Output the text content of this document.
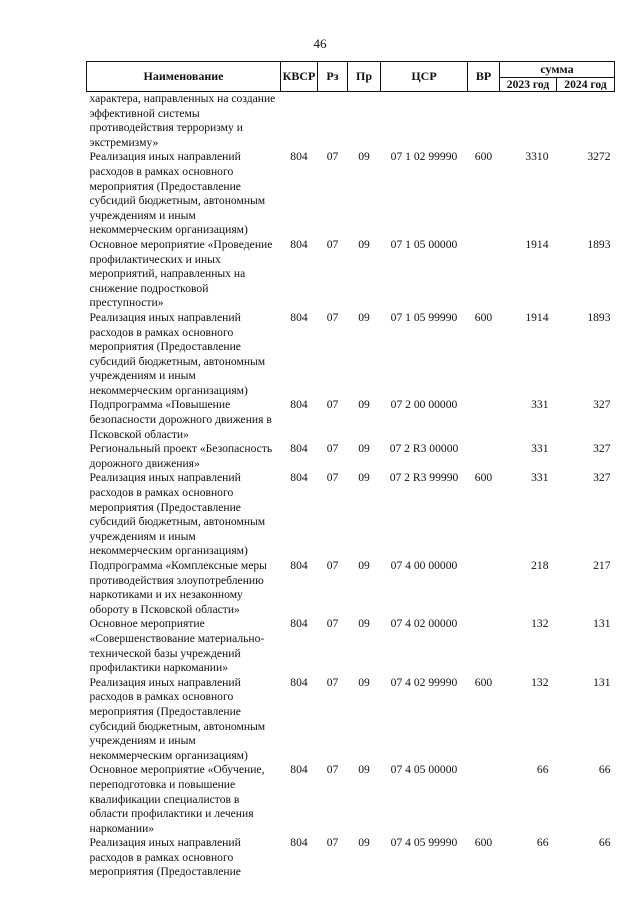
46
Наименование	КВСР	Рз	Пр	ЦСР	ВР	сумма	
						2023 год	2024 год
характера, направленных на создание эффективной системы противодействия терроризму и экстремизму»							
Реализация иных направлений расходов в рамках основного мероприятия (Предоставление субсидий бюджетным, автономным учреждениям и иным некоммерческим организациям)	804	07	09	07 1 02 99990	600	3310	3272
Основное мероприятие «Проведение профилактических и иных мероприятий, направленных на снижение подростковой преступности»	804	07	09	07 1 05 00000		1914	1893
Реализация иных направлений расходов в рамках основного мероприятия (Предоставление субсидий бюджетным, автономным учреждениям и иным некоммерческим организациям)	804	07	09	07 1 05 99990	600	1914	1893
Подпрограмма «Повышение безопасности дорожного движения в Псковской области»	804	07	09	07 2 00 00000		331	327
Региональный проект «Безопасность дорожного движения»	804	07	09	07 2 R3 00000		331	327
Реализация иных направлений расходов в рамках основного мероприятия (Предоставление субсидий бюджетным, автономным учреждениям и иным некоммерческим организациям)	804	07	09	07 2 R3 99990	600	331	327
Подпрограмма «Комплексные меры противодействия злоупотреблению наркотиками и их незаконному обороту в Псковской области»	804	07	09	07 4 00 00000		218	217
Основное мероприятие «Совершенствование материально-технической базы учреждений профилактики наркомании»	804	07	09	07 4 02 00000		132	131
Реализация иных направлений расходов в рамках основного мероприятия (Предоставление субсидий бюджетным, автономным учреждениям и иным некоммерческим организациям)	804	07	09	07 4 02 99990	600	132	131
Основное мероприятие «Обучение, переподготовка и повышение квалификации специалистов в области профилактики и лечения наркомании»	804	07	09	07 4 05 00000		66	66
Реализация иных направлений расходов в рамках основного мероприятия (Предоставление	804	07	09	07 4 05 99990	600	66	66
